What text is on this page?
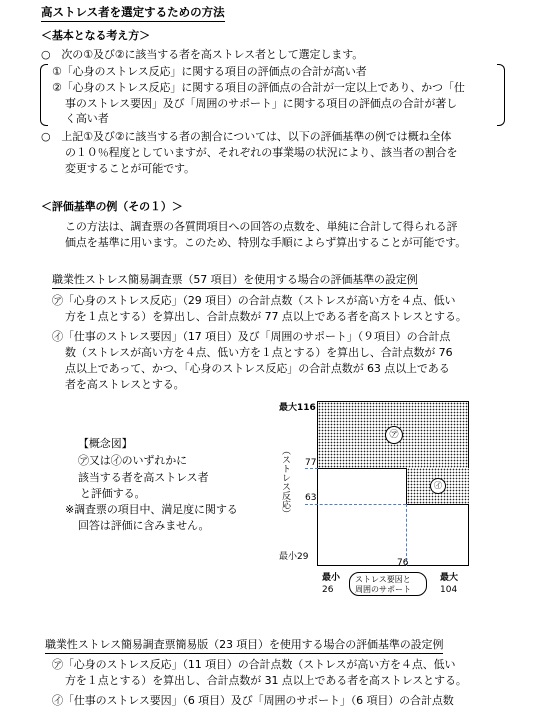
高ストレス者を選定するための方法
＜基本となる考え方＞
○　次の①及び②に該当する者を高ストレス者として選定します。
①「心身のストレス反応」に関する項目の評価点の合計が高い者
②「心身のストレス反応」に関する項目の評価点の合計が一定以上であり、かつ「仕
事のストレス要因」及び「周囲のサポート」に関する項目の評価点の合計が著し
く高い者
○　上記①及び②に該当する者の割合については、以下の評価基準の例では概ね全体
の１０％程度としていますが、それぞれの事業場の状況により、該当者の割合を
変更することが可能です。
＜評価基準の例（その１）＞
この方法は、調査票の各質問項目への回答の点数を、単純に合計して得られる評
価点を基準に用います。このため、特別な手順によらず算出することが可能です。
職業性ストレス簡易調査票（57 項目）を使用する場合の評価基準の設定例
㋐「心身のストレス反応」（29 項目）の合計点数（ストレスが高い方を４点、低い
方を１点とする）を算出し、合計点数が 77 点以上である者を高ストレスとする。
㋑「仕事のストレス要因」（17 項目）及び「周囲のサポート」（９項目）の合計点
数（ストレスが高い方を４点、低い方を１点とする）を算出し、合計点数が 76
点以上であって、かつ、「心身のストレス反応」の合計点数が 63 点以上である
者を高ストレスとする。
【概念図】
㋐又は㋑のいずれかに
該当する者を高ストレス者
と評価する。
※調査票の項目中、満足度に関する
回答は評価に含みません。
㋐
㋑
最大116
77
63
最小29
（ストレス反応）
76
最小
26
ストレス要因と
周囲のサポート
最大
104
職業性ストレス簡易調査票簡易版（23 項目）を使用する場合の評価基準の設定例
㋐「心身のストレス反応」（11 項目）の合計点数（ストレスが高い方を４点、低い
方を１点とする）を算出し、合計点数が 31 点以上である者を高ストレスとする。
㋑「仕事のストレス要因」（6 項目）及び「周囲のサポート」（6 項目）の合計点数
